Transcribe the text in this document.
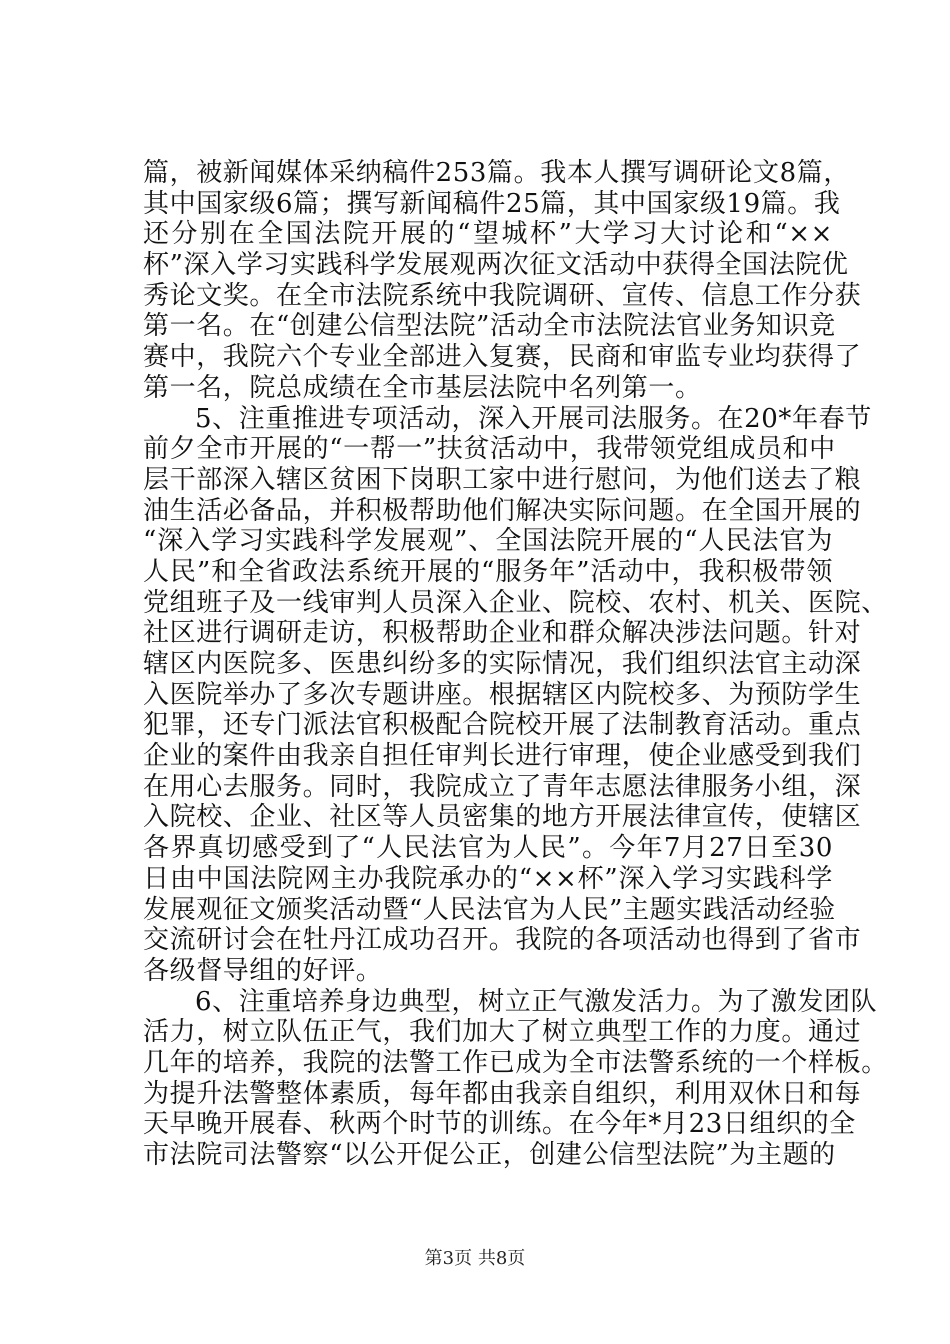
篇，被新闻媒体采纳稿件253篇。我本人撰写调研论文8篇，
其中国家级6篇；撰写新闻稿件25篇，其中国家级19篇。我
还分别在全国法院开展的“望城杯”大学习大讨论和“××
杯”深入学习实践科学发展观两次征文活动中获得全国法院优
秀论文奖。在全市法院系统中我院调研、宣传、信息工作分获
第一名。在“创建公信型法院”活动全市法院法官业务知识竞
赛中，我院六个专业全部进入复赛，民商和审监专业均获得了
第一名，院总成绩在全市基层法院中名列第一。
5、注重推进专项活动，深入开展司法服务。在20*年春节
前夕全市开展的“一帮一”扶贫活动中，我带领党组成员和中
层干部深入辖区贫困下岗职工家中进行慰问，为他们送去了粮
油生活必备品，并积极帮助他们解决实际问题。在全国开展的
“深入学习实践科学发展观”、全国法院开展的“人民法官为
人民”和全省政法系统开展的“服务年”活动中，我积极带领
党组班子及一线审判人员深入企业、院校、农村、机关、医院、
社区进行调研走访，积极帮助企业和群众解决涉法问题。针对
辖区内医院多、医患纠纷多的实际情况，我们组织法官主动深
入医院举办了多次专题讲座。根据辖区内院校多、为预防学生
犯罪，还专门派法官积极配合院校开展了法制教育活动。重点
企业的案件由我亲自担任审判长进行审理，使企业感受到我们
在用心去服务。同时，我院成立了青年志愿法律服务小组，深
入院校、企业、社区等人员密集的地方开展法律宣传，使辖区
各界真切感受到了“人民法官为人民”。今年7月27日至30
日由中国法院网主办我院承办的“××杯”深入学习实践科学
发展观征文颁奖活动暨“人民法官为人民”主题实践活动经验
交流研讨会在牡丹江成功召开。我院的各项活动也得到了省市
各级督导组的好评。
6、注重培养身边典型，树立正气激发活力。为了激发团队
活力，树立队伍正气，我们加大了树立典型工作的力度。通过
几年的培养，我院的法警工作已成为全市法警系统的一个样板。
为提升法警整体素质，每年都由我亲自组织，利用双休日和每
天早晚开展春、秋两个时节的训练。在今年*月23日组织的全
市法院司法警察“以公开促公正，创建公信型法院”为主题的
第3页 共8页
